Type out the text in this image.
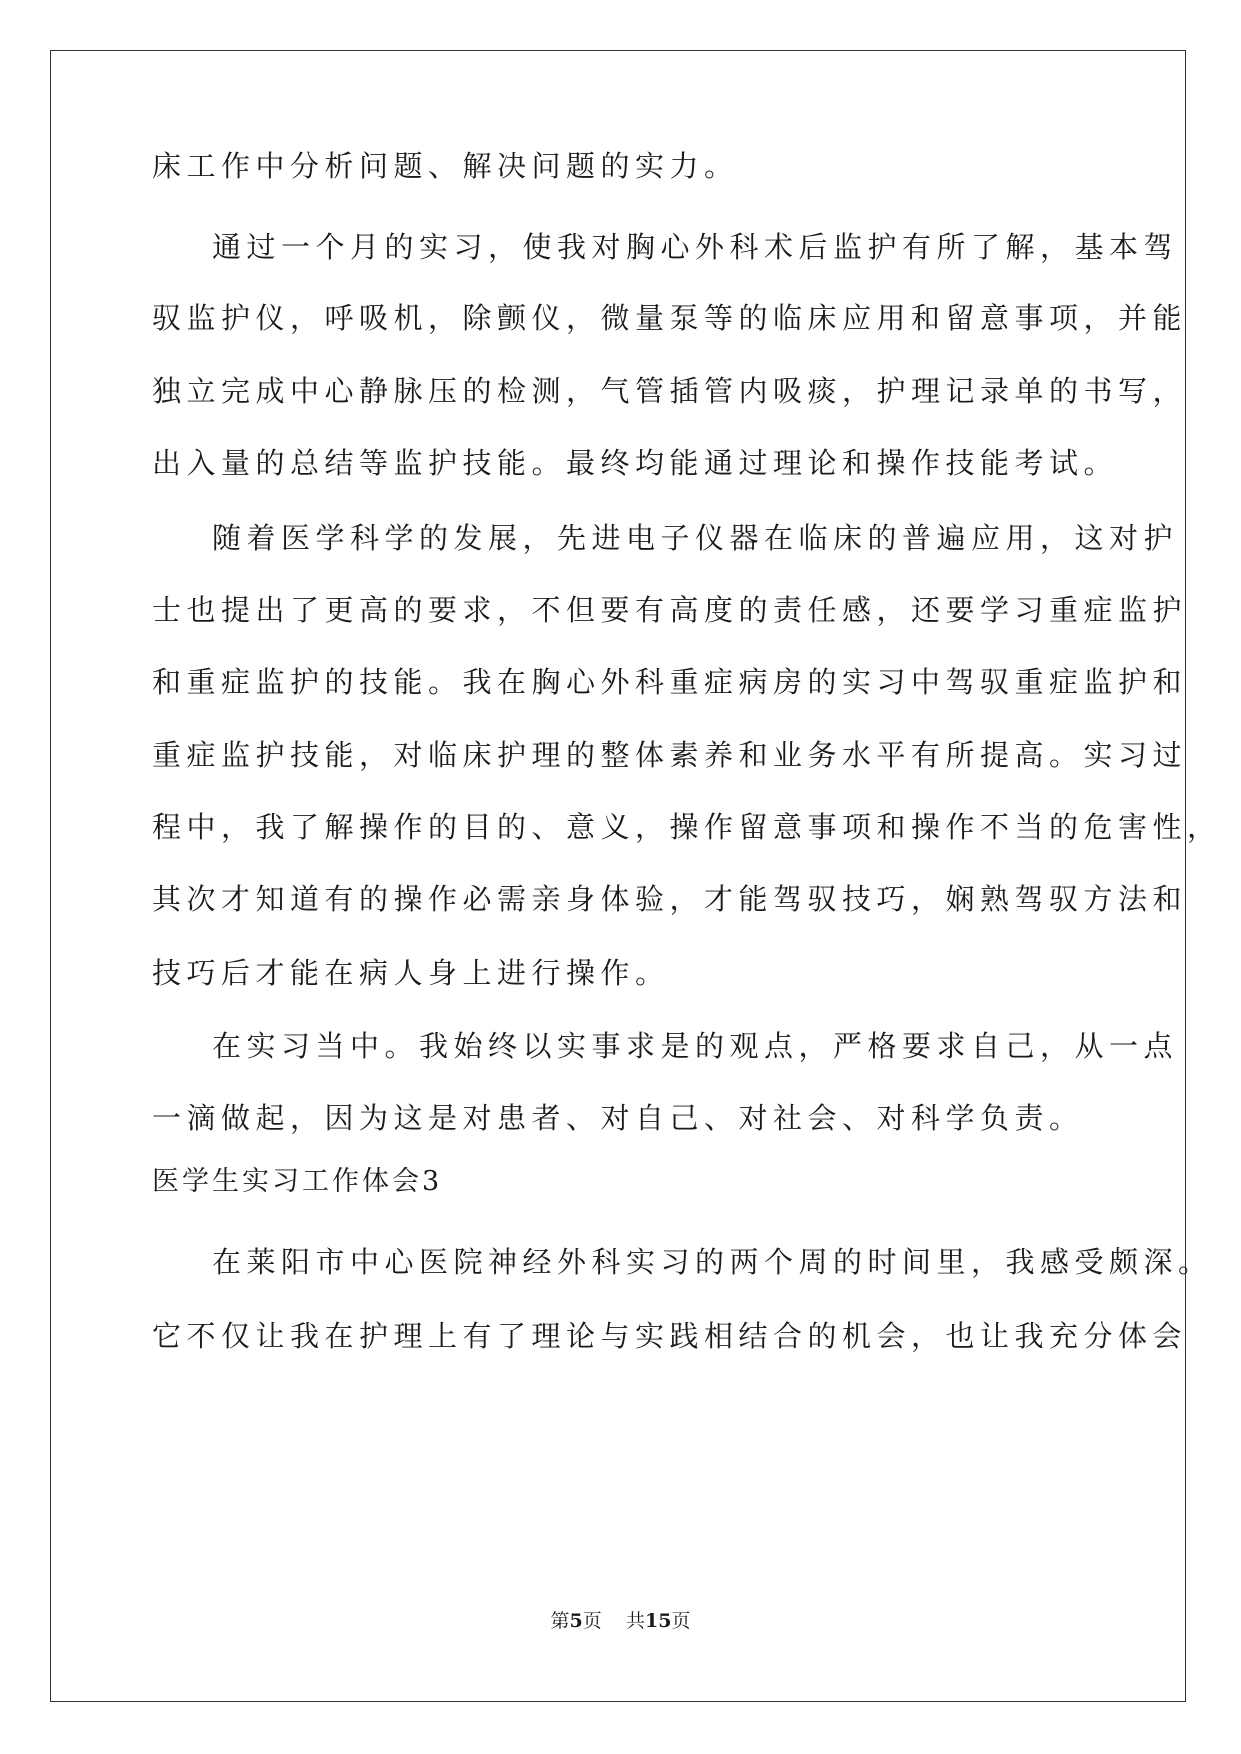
床工作中分析问题、解决问题的实力。
通过一个月的实习，使我对胸心外科术后监护有所了解，基本驾
驭监护仪，呼吸机，除颤仪，微量泵等的临床应用和留意事项，并能
独立完成中心静脉压的检测，气管插管内吸痰，护理记录单的书写，
出入量的总结等监护技能。最终均能通过理论和操作技能考试。
随着医学科学的发展，先进电子仪器在临床的普遍应用，这对护
士也提出了更高的要求，不但要有高度的责任感，还要学习重症监护
和重症监护的技能。我在胸心外科重症病房的实习中驾驭重症监护和
重症监护技能，对临床护理的整体素养和业务水平有所提高。实习过
程中，我了解操作的目的、意义，操作留意事项和操作不当的危害性，
其次才知道有的操作必需亲身体验，才能驾驭技巧，娴熟驾驭方法和
技巧后才能在病人身上进行操作。
在实习当中。我始终以实事求是的观点，严格要求自己，从一点
一滴做起，因为这是对患者、对自己、对社会、对科学负责。
医学生实习工作体会3
在莱阳市中心医院神经外科实习的两个周的时间里，我感受颇深。
它不仅让我在护理上有了理论与实践相结合的机会，也让我充分体会
第5页 共15页
